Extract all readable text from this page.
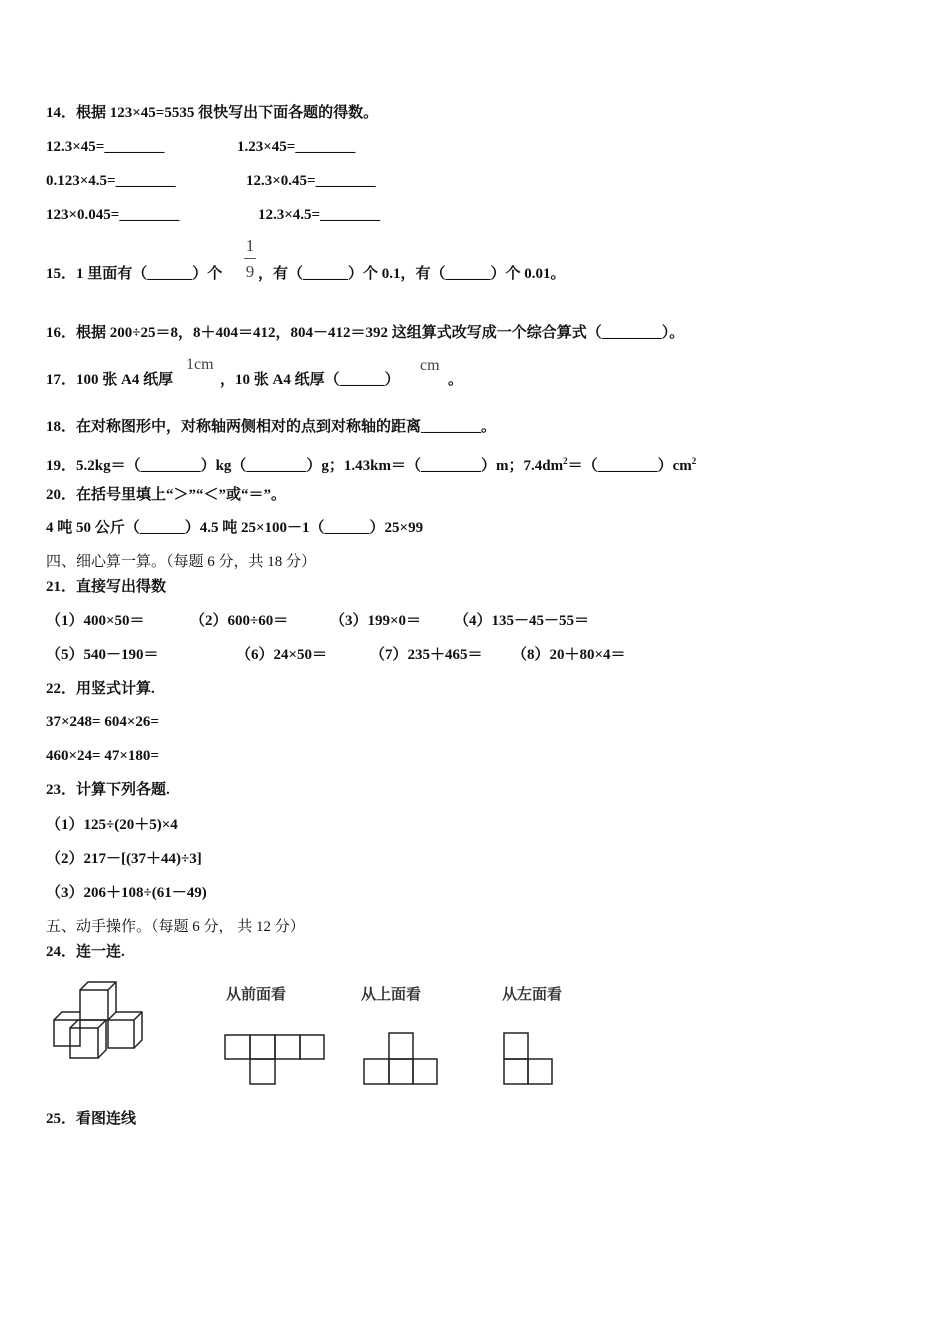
14．根据 123×45=5535 很快写出下面各题的得数。
12.3×45=________	1.23×45=________
0.123×4.5=________	12.3×0.45=________
123×0.045=________	12.3×4.5=________
15．1 里面有（______）个
1
9 ，有（______）个 0.1，有（______）个 0.01。
16．根据 200÷25＝8，8＋404＝412，804－412＝392 这组算式改写成一个综合算式（________）。
17．100 张 A4 纸厚
1cm
，10 张 A4 纸厚（______）
cm
。
18．在对称图形中，对称轴两侧相对的点到对称轴的距离________。
19．5.2kg＝（________）kg（________）g；1.43km＝（________）m；$7.4dm^2=(\_\_\_\_\_\_\_\_)cm^2$
20．在括号里填上“＞”“＜”或“＝”。
4 吨 50 公斤（______）4.5 吨 25×100－1（______）25×99
四、细心算一算。（每题 6 分，共 18 分）
21．直接写出得数
（1）400×50＝	（2）600÷60＝	（3）199×0＝ （4）135－45－55＝
（5）540－190＝	（6）24×50＝	（7）235＋465＝ （8）20＋80×4＝
22．用竖式计算.
37×248= 604×26=
460×24= 47×180=
23．计算下列各题.
（1）125÷(20＋5)×4
（2）217－[(37＋44)÷3]
（3）206＋108÷(61－49)
五、动手操作。（每题 6 分， 共 12 分）
24．连一连.
从前面看	从上面看	从左面看
25．看图连线
